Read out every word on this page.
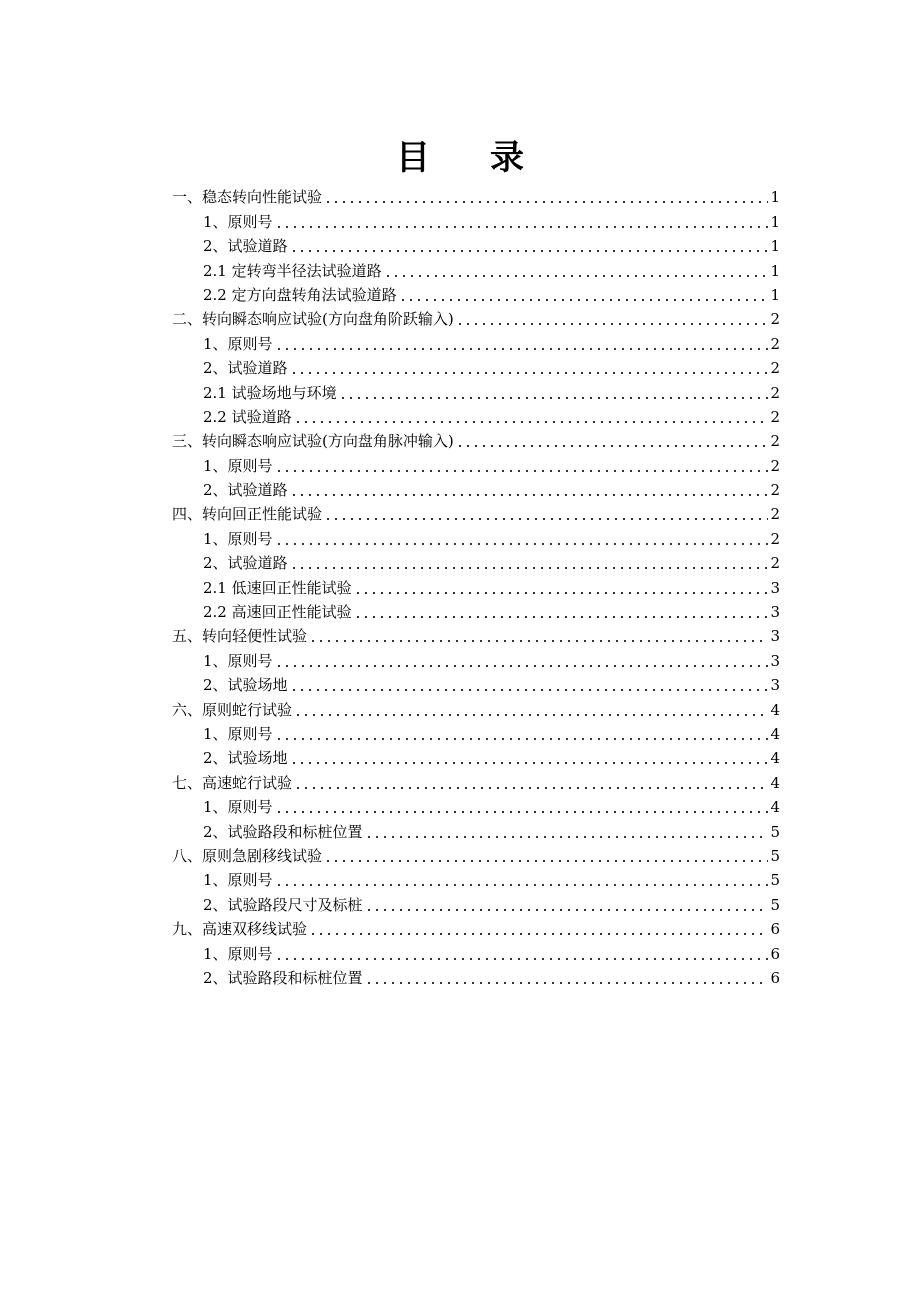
目 录
一、稳态转向性能试验	1
1、原则号	1
2、试验道路	1
2.1 定转弯半径法试验道路	1
2.2 定方向盘转角法试验道路	1
二、转向瞬态响应试验(方向盘角阶跃输入)	2
1、原则号	2
2、试验道路	2
2.1 试验场地与环境	2
2.2 试验道路	2
三、转向瞬态响应试验(方向盘角脉冲输入)	2
1、原则号	2
2、试验道路	2
四、转向回正性能试验	2
1、原则号	2
2、试验道路	2
2.1 低速回正性能试验	3
2.2 高速回正性能试验	3
五、转向轻便性试验	3
1、原则号	3
2、试验场地	3
六、原则蛇行试验	4
1、原则号	4
2、试验场地	4
七、高速蛇行试验	4
1、原则号	4
2、试验路段和标桩位置	5
八、原则急剧移线试验	5
1、原则号	5
2、试验路段尺寸及标桩	5
九、高速双移线试验	6
1、原则号	6
2、试验路段和标桩位置	6
